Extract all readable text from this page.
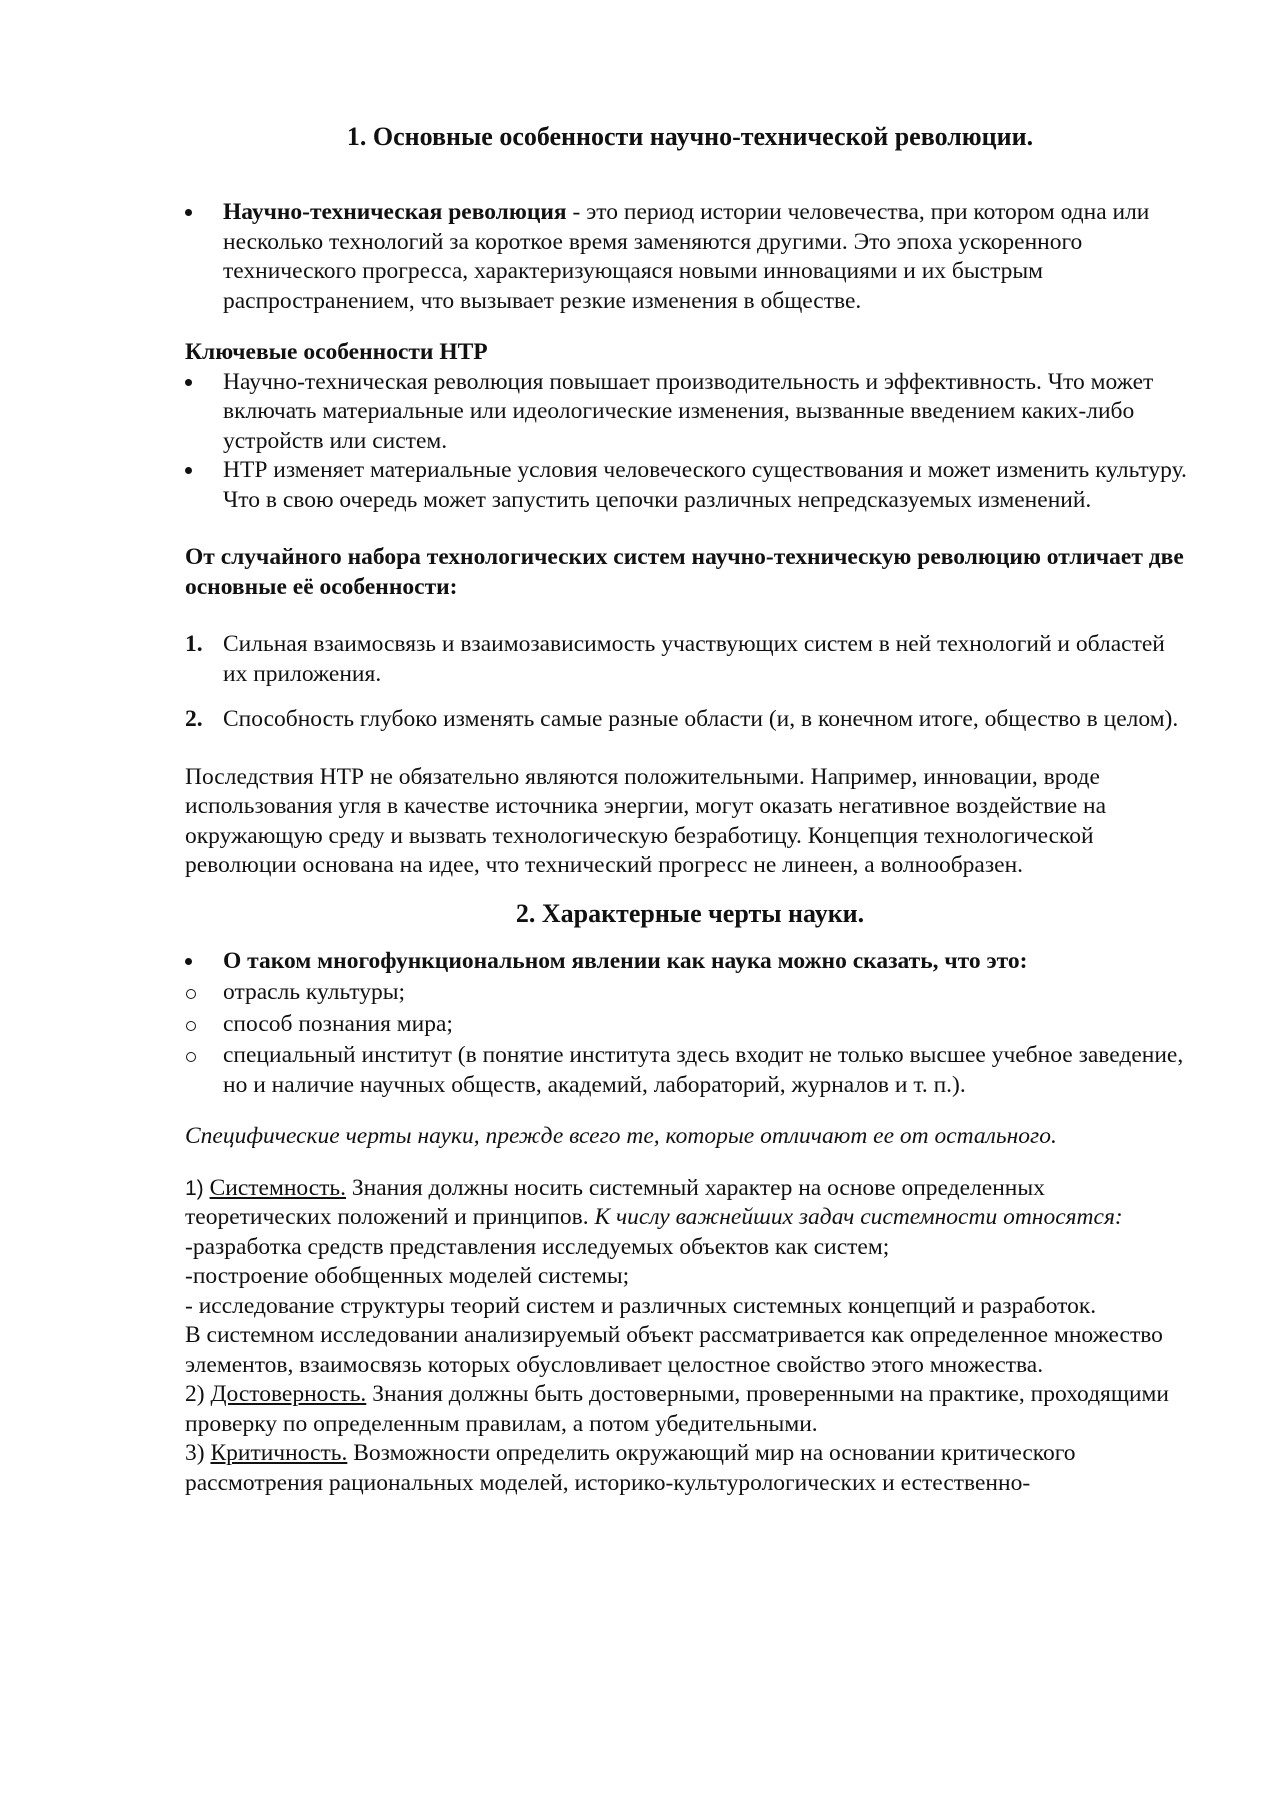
1. Основные особенности научно-технической революции.
Научно-техническая революция - это период истории человечества, при котором одна или несколько технологий за короткое время заменяются другими. Это эпоха ускоренного технического прогресса, характеризующаяся новыми инновациями и их быстрым распространением, что вызывает резкие изменения в обществе.

Ключевые особенности НТР

Научно-техническая революция повышает производительность и эффективность. Что может включать материальные или идеологические изменения, вызванные введением каких-либо устройств или систем.
НТР изменяет материальные условия человеческого существования и может изменить культуру. Что в свою очередь может запустить цепочки различных непредсказуемых изменений.

От случайного набора технологических систем научно-техническую революцию отличает две основные её особенности:

1. Сильная взаимосвязь и взаимозависимость участвующих систем в ней технологий и областей их приложения.
2. Способность глубоко изменять самые разные области (и, в конечном итоге, общество в целом).

Последствия НТР не обязательно являются положительными. Например, инновации, вроде использования угля в качестве источника энергии, могут оказать негативное воздействие на окружающую среду и вызвать технологическую безработицу. Концепция технологической революции основана на идее, что технический прогресс не линеен, а волнообразен.

2. Характерные черты науки.
О таком многофункциональном явлении как наука можно сказать, что это:
отрасль культуры;
способ познания мира;
специальный институт (в понятие института здесь входит не только высшее учебное заведение, но и наличие научных обществ, академий, лабораторий, журналов и т. п.).

Специфические черты науки, прежде всего те, которые отличают ее от остального.

1) Системность. Знания должны носить системный характер на основе определенных теоретических положений и принципов. К числу важнейших задач системности относятся:

-разработка средств представления исследуемых объектов как систем;

-построение обобщенных моделей системы;

- исследование структуры теорий систем и различных системных концепций и разработок.

В системном исследовании анализируемый объект рассматривается как определенное множество элементов, взаимосвязь которых обусловливает целостное свойство этого множества.

2) Достоверность. Знания должны быть достоверными, проверенными на практике, проходящими проверку по определенным правилам, а потом убедительными.

3) Критичность. Возможности определить окружающий мир на основании критического рассмотрения рациональных моделей, историко-культурологических и естественно-
